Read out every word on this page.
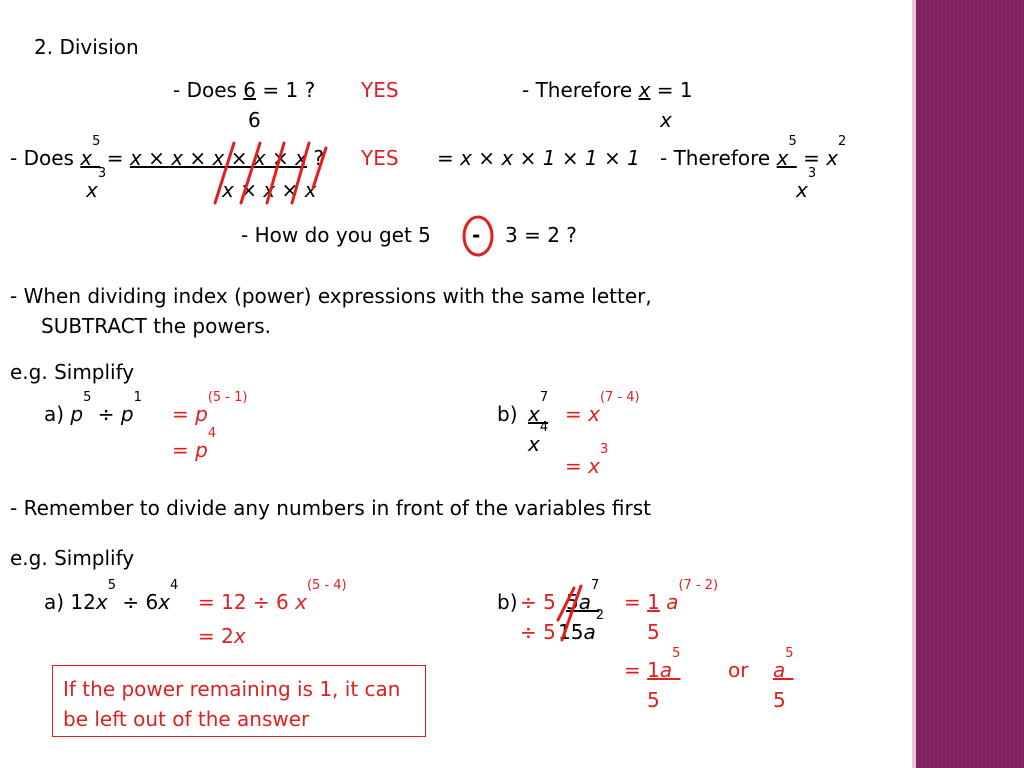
2. Division
- Does 6 = 1 ?
6
YES	- Therefore x = 1
x
- Does $x^5 = x \times x \times x \times x \times x$ ?
$x^3$
x × x × x
YES = x × x × 1 × 1 × 1 - Therefore $x^5 = x^2$
$x^3$
- How do you get 5 - 3 = 2 ?
- When dividing index (power) expressions with the same letter,
SUBTRACT the powers.
e.g. Simplify
a) $p^5 \div p^1$
= $p^{(5 - 1)}$
= $p^4$
b) $x^7$
$x^4$
= $x^{(7 - 4)}$
= $x^3$
- Remember to divide any numbers in front of the variables first
e.g. Simplify
a) $12x^5 \div 6x^4$
= 12 ÷ 6 $x^{(5 - 4)}$
= 2x
b) ÷ 5 $5a^7$
÷ 5 $15a^2$
= 1 $a^{(7 - 2)}$
5
= $1a^5$
5
or $a^5$
5
If the power remaining is 1, it can be left out of the answer
